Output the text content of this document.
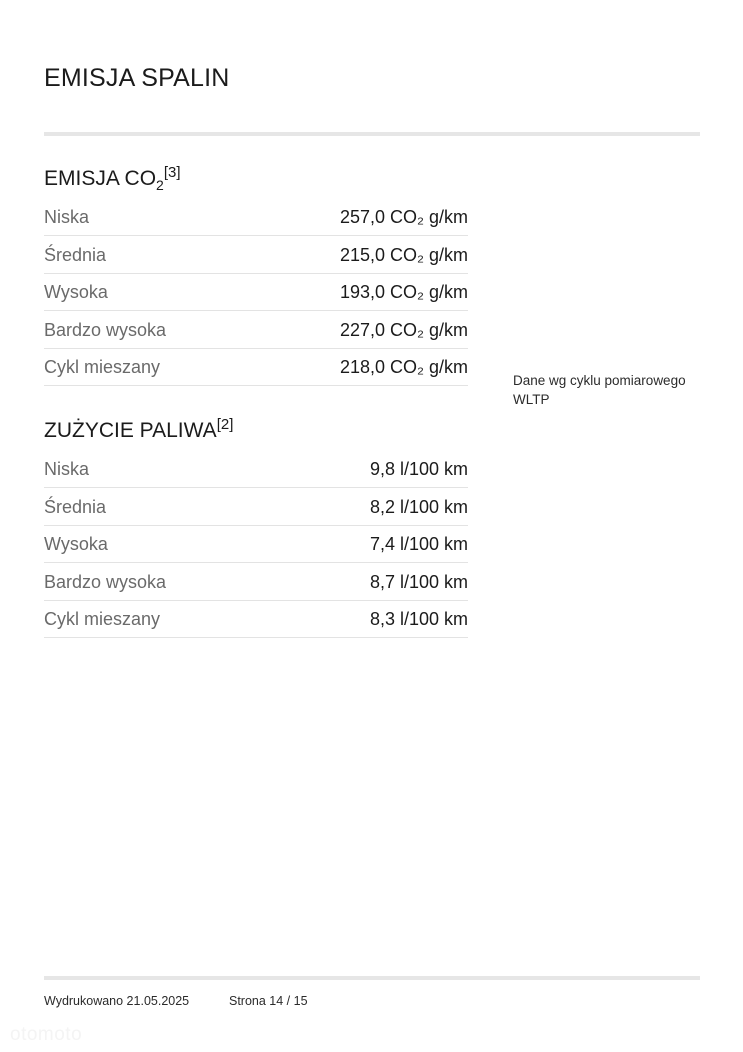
EMISJA SPALIN
EMISJA $CO_2[3]$
Niska	257,0 CO₂ g/km
Średnia	215,0 CO₂ g/km
Wysoka	193,0 CO₂ g/km
Bardzo wysoka	227,0 CO₂ g/km
Cykl mieszany	218,0 CO₂ g/km
Dane wg cyklu pomiarowego WLTP
ZUŻYCIE PALIWA[2]
Niska	9,8 l/100 km
Średnia	8,2 l/100 km
Wysoka	7,4 l/100 km
Bardzo wysoka	8,7 l/100 km
Cykl mieszany	8,3 l/100 km
Wydrukowano 21.05.2025	Strona 14 / 15
otomoto
